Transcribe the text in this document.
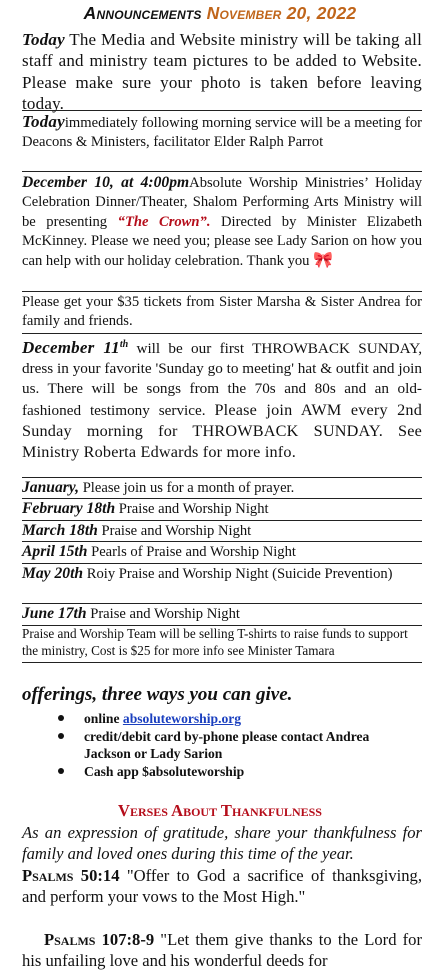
Announcements November 20, 2022
Today The Media and Website ministry will be taking all staff and ministry team pictures to be added to Website. Please make sure your photo is taken before leaving today.
Todayimmediately following morning service will be a meeting for Deacons & Ministers, facilitator Elder Ralph Parrot
December 10, at 4:00pmAbsolute Worship Ministries’ Holiday Celebration Dinner/Theater, Shalom Performing Arts Ministry will be presenting “The Crown”. Directed by Minister Elizabeth McKinney. Please we need you; please see Lady Sarion on how you can help with our holiday celebration. Thank you 🎀
Please get your $35 tickets from Sister Marsha & Sister Andrea for family and friends.
December 11th will be our first THROWBACK SUNDAY, dress in your favorite 'Sunday go to meeting' hat & outfit and join us. There will be songs from the 70s and 80s and an old-fashioned testimony service. Please join AWM every 2nd Sunday morning for THROWBACK SUNDAY. See Ministry Roberta Edwards for more info.
January, Please join us for a month of prayer.
February 18th Praise and Worship Night
March 18th Praise and Worship Night
April 15th Pearls of Praise and Worship Night
May 20th Roiy Praise and Worship Night (Suicide Prevention)
June 17th Praise and Worship Night
Praise and Worship Team will be selling T-shirts to raise funds to support the ministry, Cost is $25 for more info see Minister Tamara
offerings, three ways you can give.
online absoluteworship.org
credit/debit card by-phone please contact Andrea Jackson or Lady Sarion
Cash app $absoluteworship
Verses About Thankfulness
As an expression of gratitude, share your thankfulness for family and loved ones during this time of the year.
Psalms 50:14 "Offer to God a sacrifice of thanksgiving, and perform your vows to the Most High."
Psalms 107:8-9 "Let them give thanks to the Lord for his unfailing love and his wonderful deeds for
